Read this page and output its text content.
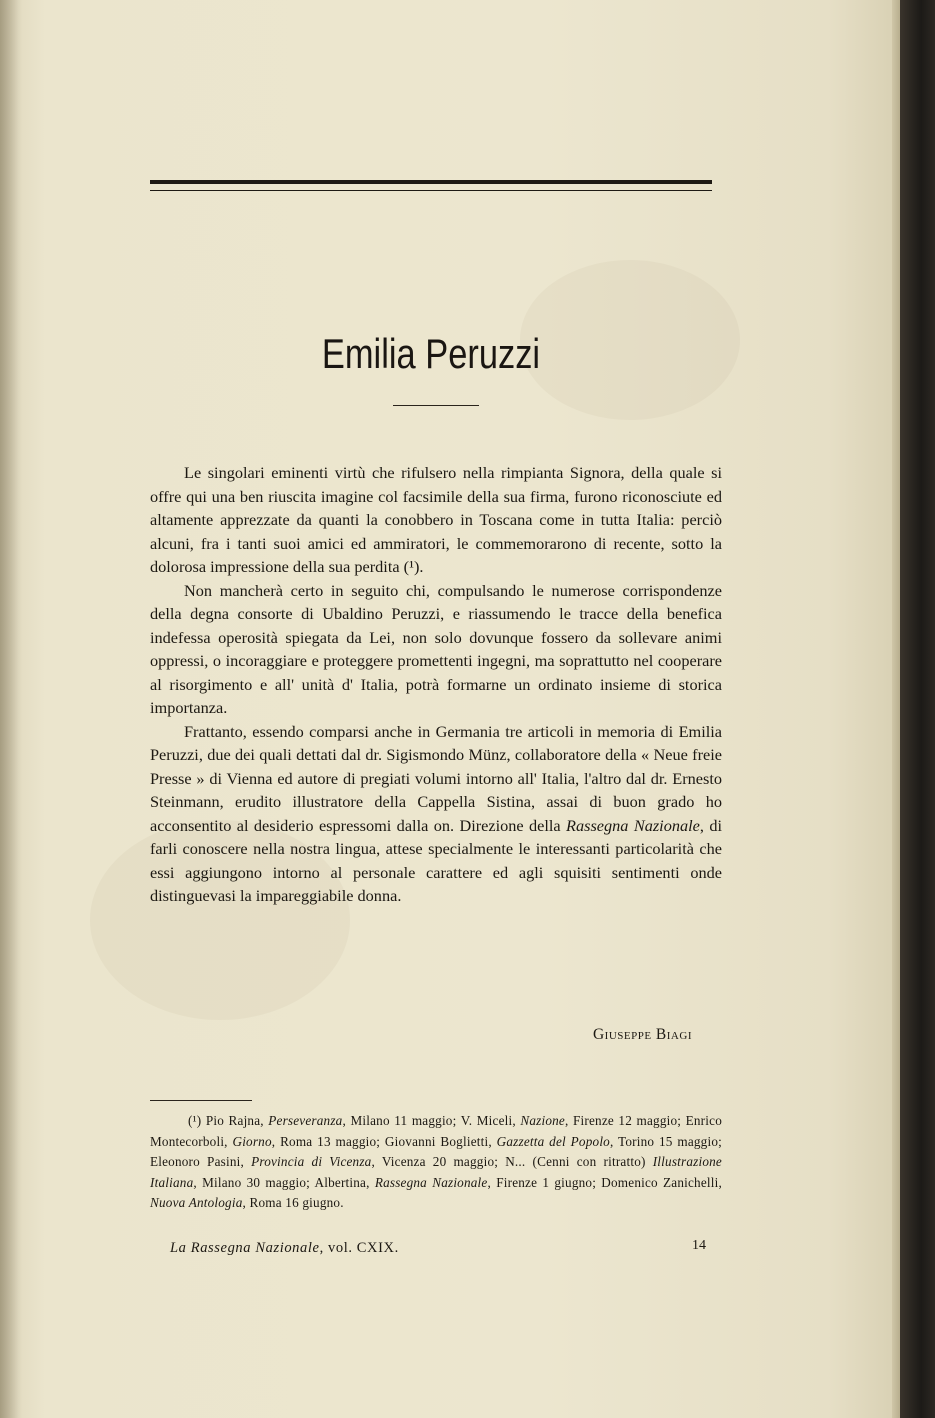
Emilia Peruzzi

Le singolari eminenti virtù che rifulsero nella rimpianta Signora, della quale si offre qui una ben riuscita imagine col facsimile della sua firma, furono riconosciute ed altamente apprezzate da quanti la conobbero in Toscana come in tutta Italia: perciò alcuni, fra i tanti suoi amici ed ammiratori, le commemorarono di recente, sotto la dolorosa impressione della sua perdita (¹).

Non mancherà certo in seguito chi, compulsando le numerose corrispondenze della degna consorte di Ubaldino Peruzzi, e riassumendo le tracce della benefica indefessa operosità spiegata da Lei, non solo dovunque fossero da sollevare animi oppressi, o incoraggiare e proteggere promettenti ingegni, ma soprattutto nel cooperare al risorgimento e all' unità d' Italia, potrà formarne un ordinato insieme di storica importanza.

Frattanto, essendo comparsi anche in Germania tre articoli in memoria di Emilia Peruzzi, due dei quali dettati dal dr. Sigismondo Münz, collaboratore della « Neue freie Presse » di Vienna ed autore di pregiati volumi intorno all' Italia, l'altro dal dr. Ernesto Steinmann, erudito illustratore della Cappella Sistina, assai di buon grado ho acconsentito al desiderio espressomi dalla on. Direzione della Rassegna Nazionale, di farli conoscere nella nostra lingua, attese specialmente le interessanti particolarità che essi aggiungono intorno al personale carattere ed agli squisiti sentimenti onde distinguevasi la impareggiabile donna.

Giuseppe Biagi

(¹) Pio Rajna, Perseveranza, Milano 11 maggio; V. Miceli, Nazione, Firenze 12 maggio; Enrico Montecorboli, Giorno, Roma 13 maggio; Giovanni Boglietti, Gazzetta del Popolo, Torino 15 maggio; Eleonoro Pasini, Provincia di Vicenza, Vicenza 20 maggio; N... (Cenni con ritratto) Illustrazione Italiana, Milano 30 maggio; Albertina, Rassegna Nazionale, Firenze 1 giugno; Domenico Zanichelli, Nuova Antologia, Roma 16 giugno.

La Rassegna Nazionale, vol. CXIX.	14
